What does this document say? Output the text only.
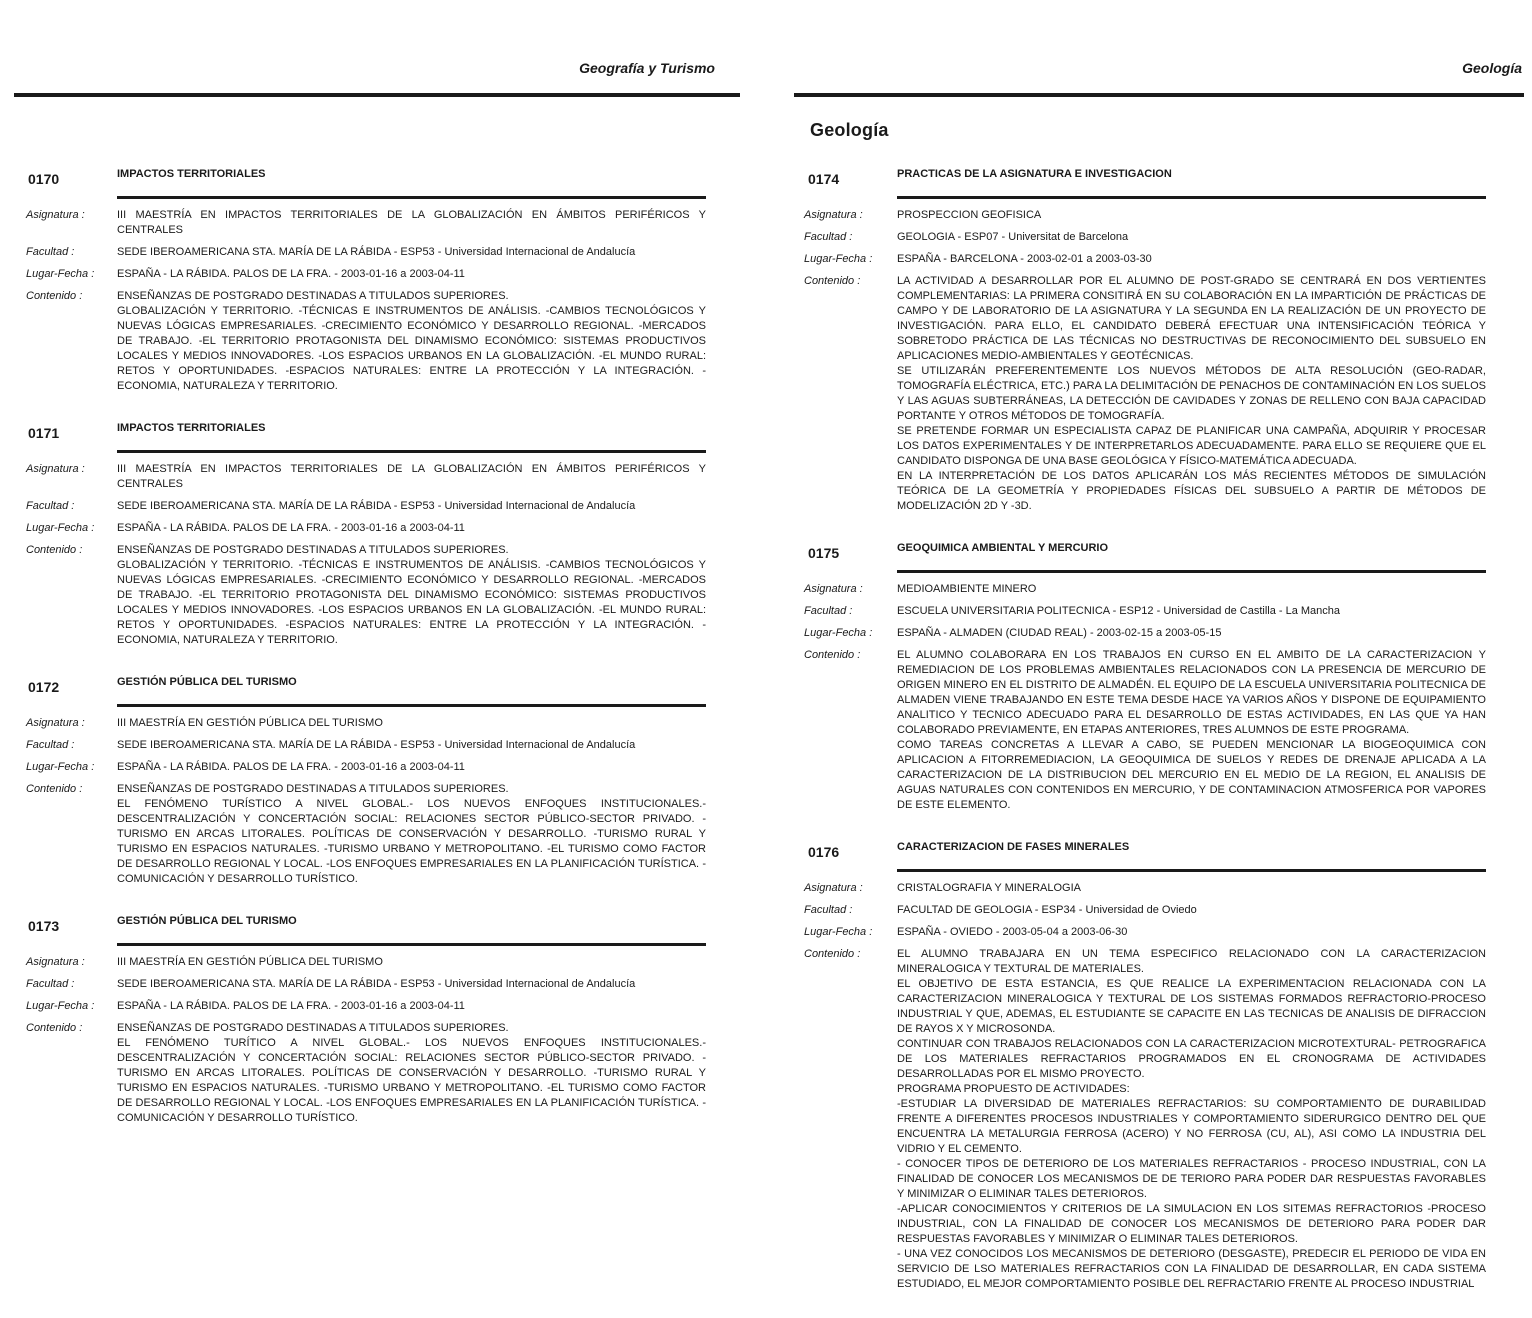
Geografía y Turismo
0170	IMPACTOS TERRITORIALES
Asignatura :	III MAESTRÍA EN IMPACTOS TERRITORIALES DE LA GLOBALIZACIÓN EN ÁMBITOS PERIFÉRICOS Y CENTRALES
Facultad :	SEDE IBEROAMERICANA STA. MARÍA DE LA RÁBIDA - ESP53 - Universidad Internacional de Andalucía
Lugar-Fecha :	ESPAÑA - LA RÁBIDA. PALOS DE LA FRA. - 2003-01-16 a 2003-04-11
Contenido :	ENSEÑANZAS DE POSTGRADO DESTINADAS A TITULADOS SUPERIORES.

GLOBALIZACIÓN Y TERRITORIO. -TÉCNICAS E INSTRUMENTOS DE ANÁLISIS. -CAMBIOS TECNOLÓGICOS Y NUEVAS LÓGICAS EMPRESARIALES. -CRECIMIENTO ECONÓMICO Y DESARROLLO REGIONAL. -MERCADOS DE TRABAJO. -EL TERRITORIO PROTAGONISTA DEL DINAMISMO ECONÓMICO: SISTEMAS PRODUCTIVOS LOCALES Y MEDIOS INNOVADORES. -LOS ESPACIOS URBANOS EN LA GLOBALIZACIÓN. -EL MUNDO RURAL: RETOS Y OPORTUNIDADES. -ESPACIOS NATURALES: ENTRE LA PROTECCIÓN Y LA INTEGRACIÓN. -ECONOMIA, NATURALEZA Y TERRITORIO.

0171	IMPACTOS TERRITORIALES
Asignatura :	III MAESTRÍA EN IMPACTOS TERRITORIALES DE LA GLOBALIZACIÓN EN ÁMBITOS PERIFÉRICOS Y CENTRALES
Facultad :	SEDE IBEROAMERICANA STA. MARÍA DE LA RÁBIDA - ESP53 - Universidad Internacional de Andalucía
Lugar-Fecha :	ESPAÑA - LA RÁBIDA. PALOS DE LA FRA. - 2003-01-16 a 2003-04-11
Contenido :	ENSEÑANZAS DE POSTGRADO DESTINADAS A TITULADOS SUPERIORES.

GLOBALIZACIÓN Y TERRITORIO. -TÉCNICAS E INSTRUMENTOS DE ANÁLISIS. -CAMBIOS TECNOLÓGICOS Y NUEVAS LÓGICAS EMPRESARIALES. -CRECIMIENTO ECONÓMICO Y DESARROLLO REGIONAL. -MERCADOS DE TRABAJO. -EL TERRITORIO PROTAGONISTA DEL DINAMISMO ECONÓMICO: SISTEMAS PRODUCTIVOS LOCALES Y MEDIOS INNOVADORES. -LOS ESPACIOS URBANOS EN LA GLOBALIZACIÓN. -EL MUNDO RURAL: RETOS Y OPORTUNIDADES. -ESPACIOS NATURALES: ENTRE LA PROTECCIÓN Y LA INTEGRACIÓN. -ECONOMIA, NATURALEZA Y TERRITORIO.

0172	GESTIÓN PÚBLICA DEL TURISMO
Asignatura :	III MAESTRÍA EN GESTIÓN PÚBLICA DEL TURISMO
Facultad :	SEDE IBEROAMERICANA STA. MARÍA DE LA RÁBIDA - ESP53 - Universidad Internacional de Andalucía
Lugar-Fecha :	ESPAÑA - LA RÁBIDA. PALOS DE LA FRA. - 2003-01-16 a 2003-04-11
Contenido :	ENSEÑANZAS DE POSTGRADO DESTINADAS A TITULADOS SUPERIORES.

EL FENÓMENO TURÍSTICO A NIVEL GLOBAL.- LOS NUEVOS ENFOQUES INSTITUCIONALES.- DESCENTRALIZACIÓN Y CONCERTACIÓN SOCIAL: RELACIONES SECTOR PÚBLICO-SECTOR PRIVADO. -TURISMO EN ARCAS LITORALES. POLÍTICAS DE CONSERVACIÓN Y DESARROLLO. -TURISMO RURAL Y TURISMO EN ESPACIOS NATURALES. -TURISMO URBANO Y METROPOLITANO. -EL TURISMO COMO FACTOR DE DESARROLLO REGIONAL Y LOCAL. -LOS ENFOQUES EMPRESARIALES EN LA PLANIFICACIÓN TURÍSTICA. -COMUNICACIÓN Y DESARROLLO TURÍSTICO.

0173	GESTIÓN PÚBLICA DEL TURISMO
Asignatura :	III MAESTRÍA EN GESTIÓN PÚBLICA DEL TURISMO
Facultad :	SEDE IBEROAMERICANA STA. MARÍA DE LA RÁBIDA - ESP53 - Universidad Internacional de Andalucía
Lugar-Fecha :	ESPAÑA - LA RÁBIDA. PALOS DE LA FRA. - 2003-01-16 a 2003-04-11
Contenido :	ENSEÑANZAS DE POSTGRADO DESTINADAS A TITULADOS SUPERIORES.

EL FENÓMENO TURÍTICO A NIVEL GLOBAL.- LOS NUEVOS ENFOQUES INSTITUCIONALES.- DESCENTRALIZACIÓN Y CONCERTACIÓN SOCIAL: RELACIONES SECTOR PÚBLICO-SECTOR PRIVADO. -TURISMO EN ARCAS LITORALES. POLÍTICAS DE CONSERVACIÓN Y DESARROLLO. -TURISMO RURAL Y TURISMO EN ESPACIOS NATURALES. -TURISMO URBANO Y METROPOLITANO. -EL TURISMO COMO FACTOR DE DESARROLLO REGIONAL Y LOCAL. -LOS ENFOQUES EMPRESARIALES EN LA PLANIFICACIÓN TURÍSTICA. -COMUNICACIÓN Y DESARROLLO TURÍSTICO.

Geología
Geología
0174	PRACTICAS DE LA ASIGNATURA E INVESTIGACION
Asignatura :	PROSPECCION GEOFISICA
Facultad :	GEOLOGIA - ESP07 - Universitat de Barcelona
Lugar-Fecha :	ESPAÑA - BARCELONA - 2003-02-01 a 2003-03-30
Contenido :	LA ACTIVIDAD A DESARROLLAR POR EL ALUMNO DE POST-GRADO SE CENTRARÁ EN DOS VERTIENTES COMPLEMENTARIAS: LA PRIMERA CONSITIRÁ EN SU COLABORACIÓN EN LA IMPARTICIÓN DE PRÁCTICAS DE CAMPO Y DE LABORATORIO DE LA ASIGNATURA Y LA SEGUNDA EN LA REALIZACIÓN DE UN PROYECTO DE INVESTIGACIÓN. PARA ELLO, EL CANDIDATO DEBERÁ EFECTUAR UNA INTENSIFICACIÓN TEÓRICA Y SOBRETODO PRÁCTICA DE LAS TÉCNICAS NO DESTRUCTIVAS DE RECONOCIMIENTO DEL SUBSUELO EN APLICACIONES MEDIO-AMBIENTALES Y GEOTÉCNICAS.

SE UTILIZARÁN PREFERENTEMENTE LOS NUEVOS MÉTODOS DE ALTA RESOLUCIÓN (GEO-RADAR, TOMOGRAFÍA ELÉCTRICA, ETC.) PARA LA DELIMITACIÓN DE PENACHOS DE CONTAMINACIÓN EN LOS SUELOS Y LAS AGUAS SUBTERRÁNEAS, LA DETECCIÓN DE CAVIDADES Y ZONAS DE RELLENO CON BAJA CAPACIDAD PORTANTE Y OTROS MÉTODOS DE TOMOGRAFÍA.

SE PRETENDE FORMAR UN ESPECIALISTA CAPAZ DE PLANIFICAR UNA CAMPAÑA, ADQUIRIR Y PROCESAR LOS DATOS EXPERIMENTALES Y DE INTERPRETARLOS ADECUADAMENTE. PARA ELLO SE REQUIERE QUE EL CANDIDATO DISPONGA DE UNA BASE GEOLÓGICA Y FÍSICO-MATEMÁTICA ADECUADA.

EN LA INTERPRETACIÓN DE LOS DATOS APLICARÁN LOS MÁS RECIENTES MÉTODOS DE SIMULACIÓN TEÓRICA DE LA GEOMETRÍA Y PROPIEDADES FÍSICAS DEL SUBSUELO A PARTIR DE MÉTODOS DE MODELIZACIÓN 2D Y -3D.

0175	GEOQUIMICA AMBIENTAL Y MERCURIO
Asignatura :	MEDIOAMBIENTE MINERO
Facultad :	ESCUELA UNIVERSITARIA POLITECNICA - ESP12 - Universidad de Castilla - La Mancha
Lugar-Fecha :	ESPAÑA - ALMADEN (CIUDAD REAL) - 2003-02-15 a 2003-05-15
Contenido :	EL ALUMNO COLABORARA EN LOS TRABAJOS EN CURSO EN EL AMBITO DE LA CARACTERIZACION Y REMEDIACION DE LOS PROBLEMAS AMBIENTALES RELACIONADOS CON LA PRESENCIA DE MERCURIO DE ORIGEN MINERO EN EL DISTRITO DE ALMADÉN. EL EQUIPO DE LA ESCUELA UNIVERSITARIA POLITECNICA DE ALMADEN VIENE TRABAJANDO EN ESTE TEMA DESDE HACE YA VARIOS AÑOS Y DISPONE DE EQUIPAMIENTO ANALITICO Y TECNICO ADECUADO PARA EL DESARROLLO DE ESTAS ACTIVIDADES, EN LAS QUE YA HAN COLABORADO PREVIAMENTE, EN ETAPAS ANTERIORES, TRES ALUMNOS DE ESTE PROGRAMA.

COMO TAREAS CONCRETAS A LLEVAR A CABO, SE PUEDEN MENCIONAR LA BIOGEOQUIMICA CON APLICACION A FITORREMEDIACION, LA GEOQUIMICA DE SUELOS Y REDES DE DRENAJE APLICADA A LA CARACTERIZACION DE LA DISTRIBUCION DEL MERCURIO EN EL MEDIO DE LA REGION, EL ANALISIS DE AGUAS NATURALES CON CONTENIDOS EN MERCURIO, Y DE CONTAMINACION ATMOSFERICA POR VAPORES DE ESTE ELEMENTO.

0176	CARACTERIZACION DE FASES MINERALES
Asignatura :	CRISTALOGRAFIA Y MINERALOGIA
Facultad :	FACULTAD DE GEOLOGIA - ESP34 - Universidad de Oviedo
Lugar-Fecha :	ESPAÑA - OVIEDO - 2003-05-04 a 2003-06-30
Contenido :	EL ALUMNO TRABAJARA EN UN TEMA ESPECIFICO RELACIONADO CON LA CARACTERIZACION MINERALOGICA Y TEXTURAL DE MATERIALES.

EL OBJETIVO DE ESTA ESTANCIA, ES QUE REALICE LA EXPERIMENTACION RELACIONADA CON LA CARACTERIZACION MINERALOGICA Y TEXTURAL DE LOS SISTEMAS FORMADOS REFRACTORIO-PROCESO INDUSTRIAL Y QUE, ADEMAS, EL ESTUDIANTE SE CAPACITE EN LAS TECNICAS DE ANALISIS DE DIFRACCION DE RAYOS X Y MICROSONDA.

CONTINUAR CON TRABAJOS RELACIONADOS CON LA CARACTERIZACION MICROTEXTURAL- PETROGRAFICA DE LOS MATERIALES REFRACTARIOS PROGRAMADOS EN EL CRONOGRAMA DE ACTIVIDADES DESARROLLADAS POR EL MISMO PROYECTO.

PROGRAMA PROPUESTO DE ACTIVIDADES:

-ESTUDIAR LA DIVERSIDAD DE MATERIALES REFRACTARIOS: SU COMPORTAMIENTO DE DURABILIDAD FRENTE A DIFERENTES PROCESOS INDUSTRIALES Y COMPORTAMIENTO SIDERURGICO DENTRO DEL QUE ENCUENTRA LA METALURGIA FERROSA (ACERO) Y NO FERROSA (CU, AL), ASI COMO LA INDUSTRIA DEL VIDRIO Y EL CEMENTO.

- CONOCER TIPOS DE DETERIORO DE LOS MATERIALES REFRACTARIOS - PROCESO INDUSTRIAL, CON LA FINALIDAD DE CONOCER LOS MECANISMOS DE DE TERIORO PARA PODER DAR RESPUESTAS FAVORABLES Y MINIMIZAR O ELIMINAR TALES DETERIOROS.

-APLICAR CONOCIMIENTOS Y CRITERIOS DE LA SIMULACION EN LOS SITEMAS REFRACTORIOS -PROCESO INDUSTRIAL, CON LA FINALIDAD DE CONOCER LOS MECANISMOS DE DETERIORO PARA PODER DAR RESPUESTAS FAVORABLES Y MINIMIZAR O ELIMINAR TALES DETERIOROS.

- UNA VEZ CONOCIDOS LOS MECANISMOS DE DETERIORO (DESGASTE), PREDECIR EL PERIODO DE VIDA EN SERVICIO DE LSO MATERIALES REFRACTARIOS CON LA FINALIDAD DE DESARROLLAR, EN CADA SISTEMA ESTUDIADO, EL MEJOR COMPORTAMIENTO POSIBLE DEL REFRACTARIO FRENTE AL PROCESO INDUSTRIAL
